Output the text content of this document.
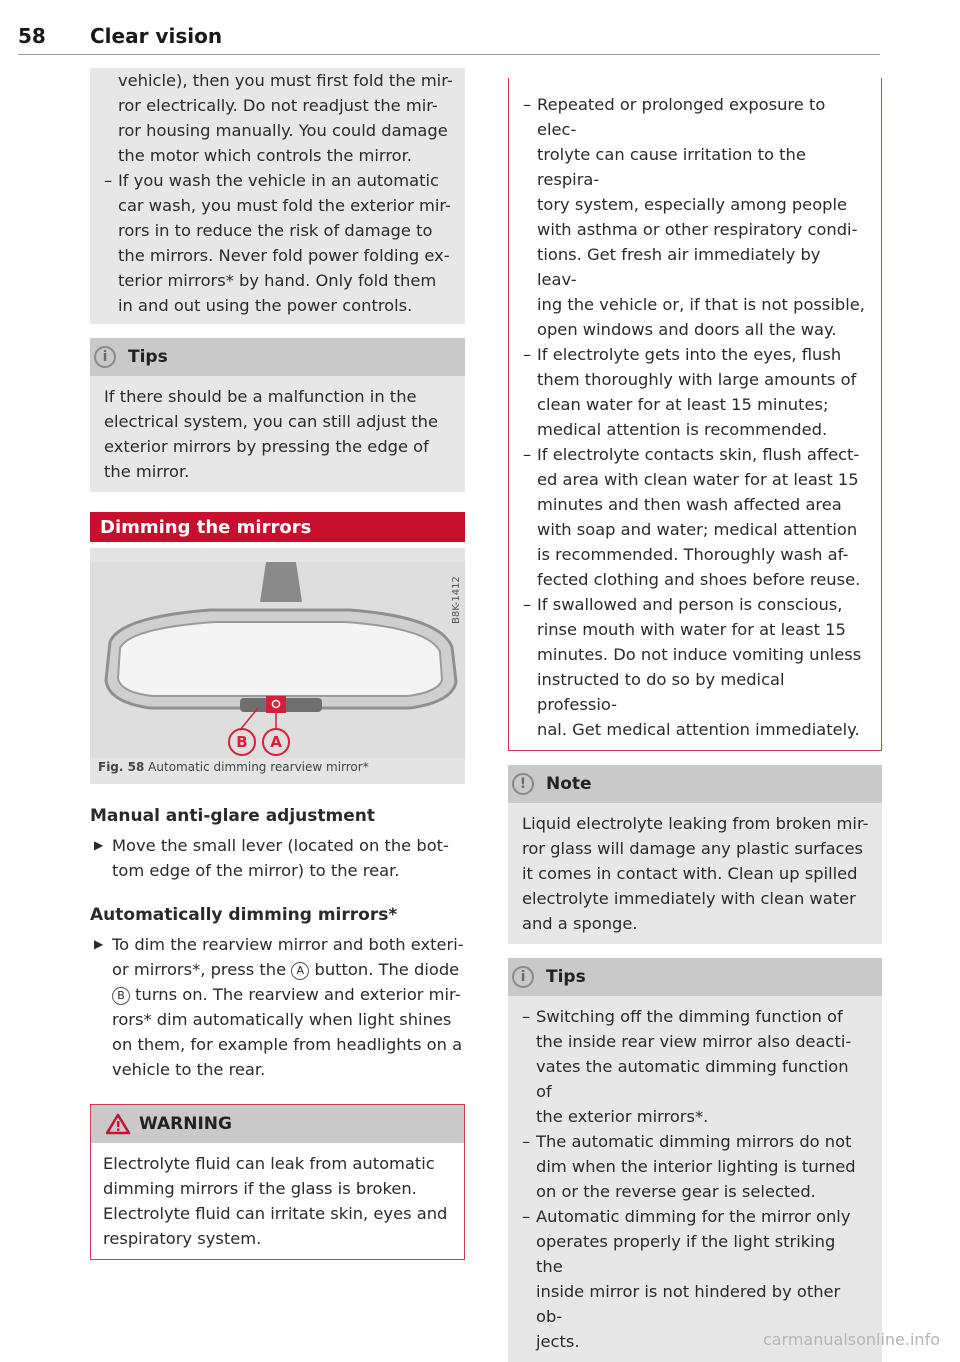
58 Clear vision
vehicle), then you must first fold the mir-
ror electrically. Do not readjust the mir-
ror housing manually. You could damage
the motor which controls the mirror.
– If you wash the vehicle in an automatic
car wash, you must fold the exterior mir-
rors in to reduce the risk of damage to
the mirrors. Never fold power folding ex-
terior mirrors* by hand. Only fold them
in and out using the power controls.
i	Tips
If there should be a malfunction in the
electrical system, you can still adjust the
exterior mirrors by pressing the edge of
the mirror.
Dimming the mirrors
B8K-1412
B	A
Fig. 58 Automatic dimming rearview mirror*
Manual anti-glare adjustment
▶ Move the small lever (located on the bot-
tom edge of the mirror) to the rear.
Automatically dimming mirrors*
▶ To dim the rearview mirror and both exteri-
or mirrors*, press the A button. The diode
B turns on. The rearview and exterior mir-
rors* dim automatically when light shines
on them, for example from headlights on a
vehicle to the rear.
WARNING
Electrolyte fluid can leak from automatic
dimming mirrors if the glass is broken.
Electrolyte fluid can irritate skin, eyes and
respiratory system.
– Repeated or prolonged exposure to elec-
trolyte can cause irritation to the respira-
tory system, especially among people
with asthma or other respiratory condi-
tions. Get fresh air immediately by leav-
ing the vehicle or, if that is not possible,
open windows and doors all the way.
– If electrolyte gets into the eyes, flush
them thoroughly with large amounts of
clean water for at least 15 minutes;
medical attention is recommended.
– If electrolyte contacts skin, flush affect-
ed area with clean water for at least 15
minutes and then wash affected area
with soap and water; medical attention
is recommended. Thoroughly wash af-
fected clothing and shoes before reuse.
– If swallowed and person is conscious,
rinse mouth with water for at least 15
minutes. Do not induce vomiting unless
instructed to do so by medical professio-
nal. Get medical attention immediately.
!	Note
Liquid electrolyte leaking from broken mir-
ror glass will damage any plastic surfaces
it comes in contact with. Clean up spilled
electrolyte immediately with clean water
and a sponge.
i	Tips
– Switching off the dimming function of
the inside rear view mirror also deacti-
vates the automatic dimming function of
the exterior mirrors*.
– The automatic dimming mirrors do not
dim when the interior lighting is turned
on or the reverse gear is selected.
– Automatic dimming for the mirror only
operates properly if the light striking the
inside mirror is not hindered by other ob-
jects.	carmanualsonline.info
